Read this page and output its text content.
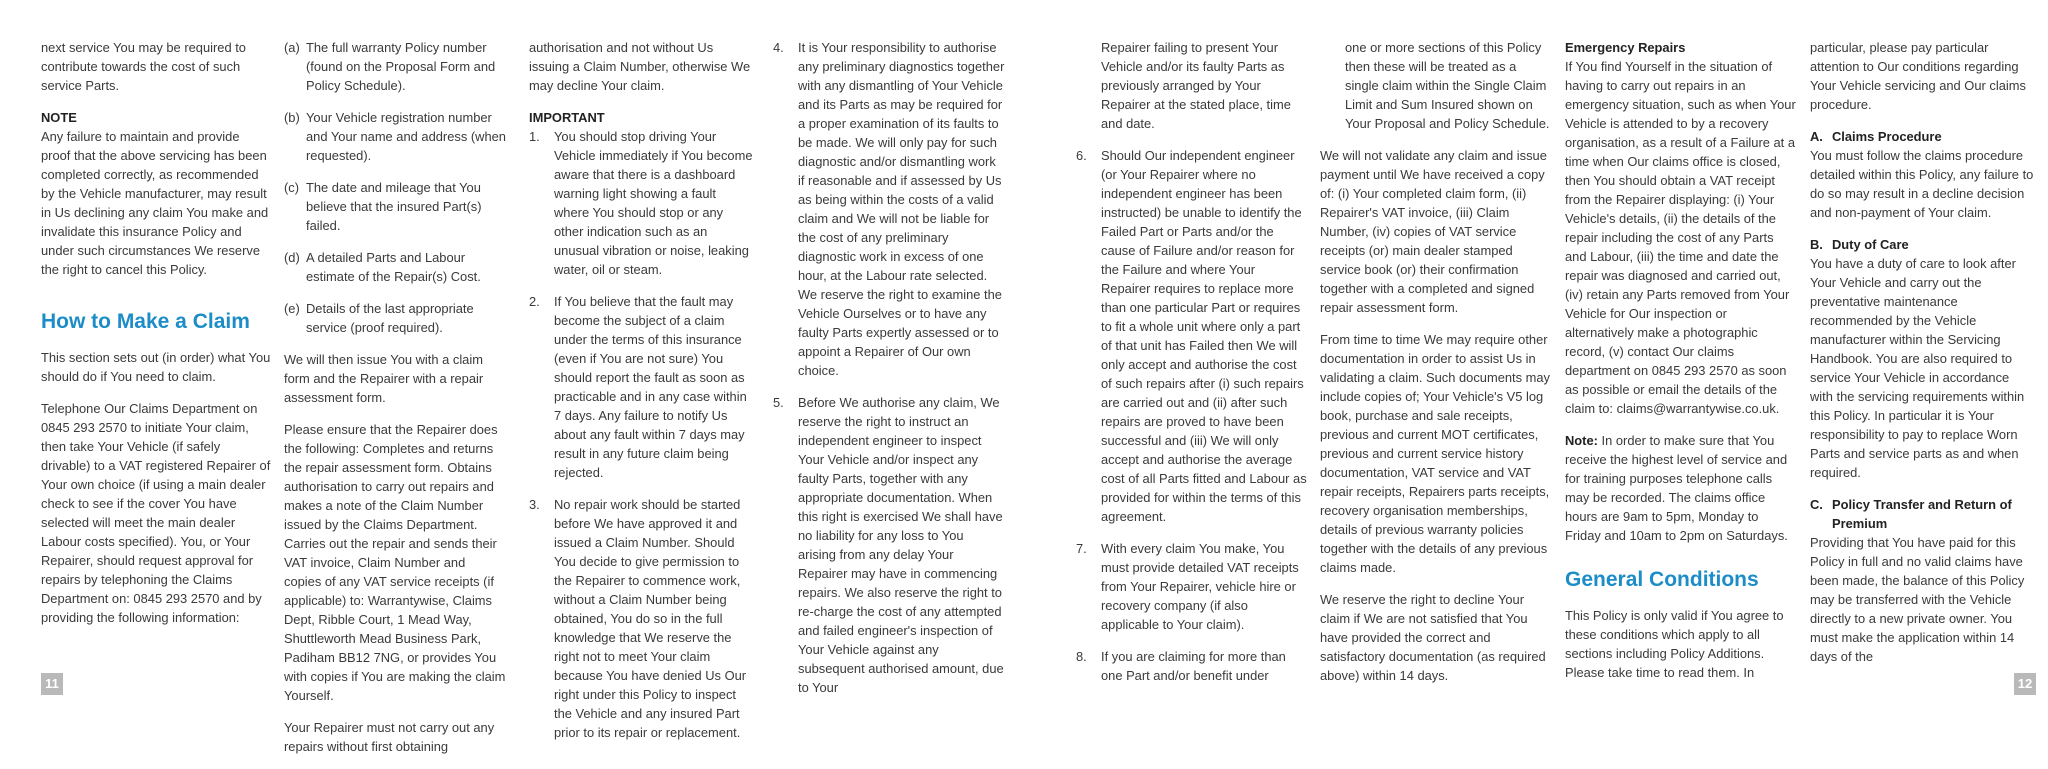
next service You may be required to contribute towards the cost of such service Parts.

NOTE

Any failure to maintain and provide proof that the above servicing has been completed correctly, as recommended by the Vehicle manufacturer, may result in Us declining any claim You make and invalidate this insurance Policy and under such circumstances We reserve the right to cancel this Policy.

How to Make a Claim

This section sets out (in order) what You should do if You need to claim.

Telephone Our Claims Department on 0845 293 2570 to initiate Your claim, then take Your Vehicle (if safely drivable) to a VAT registered Repairer of Your own choice (if using a main dealer check to see if the cover You have selected will meet the main dealer Labour costs specified). You, or Your Repairer, should request approval for repairs by telephoning the Claims Department on: 0845 293 2570 and by providing the following information:

(a) The full warranty Policy number (found on the Proposal Form and Policy Schedule).
(b) Your Vehicle registration number and Your name and address (when requested).
(c) The date and mileage that You believe that the insured Part(s) failed.
(d) A detailed Parts and Labour estimate of the Repair(s) Cost.
(e) Details of the last appropriate service (proof required).

We will then issue You with a claim form and the Repairer with a repair assessment form.

Please ensure that the Repairer does the following: Completes and returns the repair assessment form. Obtains authorisation to carry out repairs and makes a note of the Claim Number issued by the Claims Department. Carries out the repair and sends their VAT invoice, Claim Number and copies of any VAT service receipts (if applicable) to: Warrantywise, Claims Dept, Ribble Court, 1 Mead Way, Shuttleworth Mead Business Park, Padiham BB12 7NG, or provides You with copies if You are making the claim Yourself.

Your Repairer must not carry out any repairs without first obtaining

authorisation and not without Us issuing a Claim Number, otherwise We may decline Your claim.

IMPORTANT
1.	You should stop driving Your Vehicle immediately if You become aware that there is a dashboard warning light showing a fault where You should stop or any other indication such as an unusual vibration or noise, leaking water, oil or steam.
2.	If You believe that the fault may become the subject of a claim under the terms of this insurance (even if You are not sure) You should report the fault as soon as practicable and in any case within 7 days. Any failure to notify Us about any fault within 7 days may result in any future claim being rejected.
3.	No repair work should be started before We have approved it and issued a Claim Number. Should You decide to give permission to the Repairer to commence work, without a Claim Number being obtained, You do so in the full knowledge that We reserve the right not to meet Your claim because You have denied Us Our right under this Policy to inspect the Vehicle and any insured Part prior to its repair or replacement.
4.	It is Your responsibility to authorise any preliminary diagnostics together with any dismantling of Your Vehicle and its Parts as may be required for a proper examination of its faults to be made. We will only pay for such diagnostic and/or dismantling work if reasonable and if assessed by Us as being within the costs of a valid claim and We will not be liable for the cost of any preliminary diagnostic work in excess of one hour, at the Labour rate selected. We reserve the right to examine the Vehicle Ourselves or to have any faulty Parts expertly assessed or to appoint a Repairer of Our own choice.
5.	Before We authorise any claim, We reserve the right to instruct an independent engineer to inspect Your Vehicle and/or inspect any faulty Parts, together with any appropriate documentation. When this right is exercised We shall have no liability for any loss to You arising from any delay Your Repairer may have in commencing repairs. We also reserve the right to re-charge the cost of any attempted and failed engineer's inspection of Your Vehicle against any subsequent authorised amount, due to Your

Repairer failing to present Your Vehicle and/or its faulty Parts as previously arranged by Your Repairer at the stated place, time and date.

6.	Should Our independent engineer (or Your Repairer where no independent engineer has been instructed) be unable to identify the Failed Part or Parts and/or the cause of Failure and/or reason for the Failure and where Your Repairer requires to replace more than one particular Part or requires to fit a whole unit where only a part of that unit has Failed then We will only accept and authorise the cost of such repairs after (i) such repairs are carried out and (ii) after such repairs are proved to have been successful and (iii) We will only accept and authorise the average cost of all Parts fitted and Labour as provided for within the terms of this agreement.
7.	With every claim You make, You must provide detailed VAT receipts from Your Repairer, vehicle hire or recovery company (if also applicable to Your claim).
8.	If you are claiming for more than one Part and/or benefit under

one or more sections of this Policy then these will be treated as a single claim within the Single Claim Limit and Sum Insured shown on Your Proposal and Policy Schedule.

We will not validate any claim and issue payment until We have received a copy of: (i) Your completed claim form, (ii) Repairer's VAT invoice, (iii) Claim Number, (iv) copies of VAT service receipts (or) main dealer stamped service book (or) their confirmation together with a completed and signed repair assessment form.

From time to time We may require other documentation in order to assist Us in validating a claim. Such documents may include copies of; Your Vehicle's V5 log book, purchase and sale receipts, previous and current MOT certificates, previous and current service history documentation, VAT service and VAT repair receipts, Repairers parts receipts, recovery organisation memberships, details of previous warranty policies together with the details of any previous claims made.

We reserve the right to decline Your claim if We are not satisfied that You have provided the correct and satisfactory documentation (as required above) within 14 days.

Emergency Repairs

If You find Yourself in the situation of having to carry out repairs in an emergency situation, such as when Your Vehicle is attended to by a recovery organisation, as a result of a Failure at a time when Our claims office is closed, then You should obtain a VAT receipt from the Repairer displaying: (i) Your Vehicle's details, (ii) the details of the repair including the cost of any Parts and Labour, (iii) the time and date the repair was diagnosed and carried out, (iv) retain any Parts removed from Your Vehicle for Our inspection or alternatively make a photographic record, (v) contact Our claims department on 0845 293 2570 as soon as possible or email the details of the claim to: claims@warrantywise.co.uk.

Note: In order to make sure that You receive the highest level of service and for training purposes telephone calls may be recorded. The claims office hours are 9am to 5pm, Monday to Friday and 10am to 2pm on Saturdays.

General Conditions

This Policy is only valid if You agree to these conditions which apply to all sections including Policy Additions. Please take time to read them. In

particular, please pay particular attention to Our conditions regarding Your Vehicle servicing and Our claims procedure.

A. Claims Procedure

You must follow the claims procedure detailed within this Policy, any failure to do so may result in a decline decision and non-payment of Your claim.

B. Duty of Care

You have a duty of care to look after Your Vehicle and carry out the preventative maintenance recommended by the Vehicle manufacturer within the Servicing Handbook. You are also required to service Your Vehicle in accordance with the servicing requirements within this Policy. In particular it is Your responsibility to pay to replace Worn Parts and service parts as and when required.

C. Policy Transfer and Return of Premium

Providing that You have paid for this Policy in full and no valid claims have been made, the balance of this Policy may be transferred with the Vehicle directly to a new private owner. You must make the application within 14 days of the

11	12
